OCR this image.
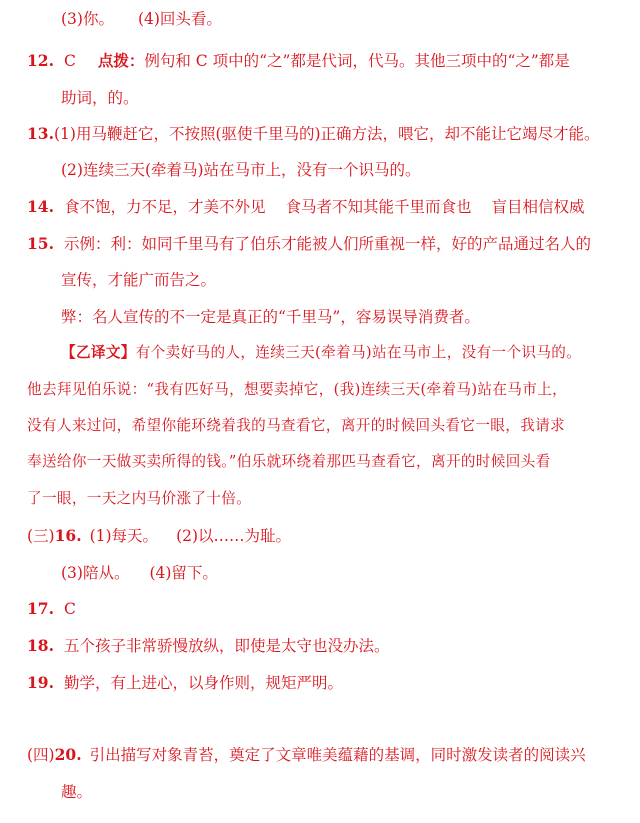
(3)你。 (4)回头看。
12. C 点拨：例句和 C 项中的“之”都是代词，代马。其他三项中的“之”都是
助词，的。
13.(1)用马鞭赶它，不按照(驱使千里马的)正确方法，喂它，却不能让它竭尽才能。
(2)连续三天(牵着马)站在马市上，没有一个识马的。
14. 食不饱，力不足，才美不外见 食马者不知其能千里而食也 盲目相信权威
15. 示例：利：如同千里马有了伯乐才能被人们所重视一样，好的产品通过名人的
宣传，才能广而告之。
弊：名人宣传的不一定是真正的“千里马”，容易误导消费者。
【乙译文】有个卖好马的人，连续三天(牵着马)站在马市上，没有一个识马的。
他去拜见伯乐说：“我有匹好马，想要卖掉它，(我)连续三天(牵着马)站在马市上，
没有人来过问，希望你能环绕着我的马查看它，离开的时候回头看它一眼，我请求
奉送给你一天做买卖所得的钱。”伯乐就环绕着那匹马查看它，离开的时候回头看
了一眼，一天之内马价涨了十倍。
(三)16. (1)每天。 (2)以……为耻。
(3)陪从。 (4)留下。
17. C
18. 五个孩子非常骄慢放纵，即使是太守也没办法。
19. 勤学，有上进心，以身作则，规矩严明。
(四)20. 引出描写对象青苔，奠定了文章唯美蕴藉的基调，同时激发读者的阅读兴
趣。
